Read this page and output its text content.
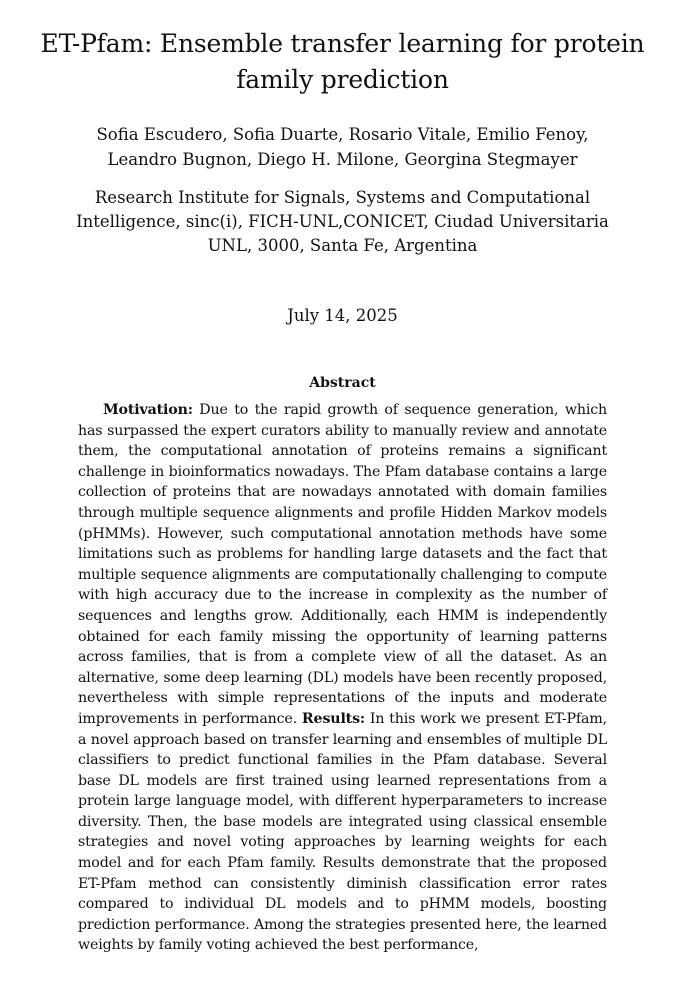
ET-Pfam: Ensemble transfer learning for protein
family prediction
Sofia Escudero, Sofia Duarte, Rosario Vitale, Emilio Fenoy,
Leandro Bugnon, Diego H. Milone, Georgina Stegmayer
Research Institute for Signals, Systems and Computational
Intelligence, sinc(i), FICH-UNL,CONICET, Ciudad Universitaria
UNL, 3000, Santa Fe, Argentina
July 14, 2025
Abstract

Motivation: Due to the rapid growth of sequence generation, which has surpassed the expert curators ability to manually review and annotate them, the computational annotation of proteins remains a significant challenge in bioinformatics nowadays. The Pfam database contains a large collection of proteins that are nowadays annotated with domain families through multiple sequence alignments and profile Hidden Markov models (pHMMs). However, such computational annotation methods have some limitations such as problems for handling large datasets and the fact that multiple sequence alignments are computationally challenging to compute with high accuracy due to the increase in complexity as the number of sequences and lengths grow. Additionally, each HMM is independently obtained for each family missing the opportunity of learning patterns across families, that is from a complete view of all the dataset. As an alternative, some deep learning (DL) models have been recently proposed, nevertheless with simple representations of the inputs and moderate improvements in performance. Results: In this work we present ET-Pfam, a novel approach based on transfer learning and ensembles of multiple DL classifiers to predict functional families in the Pfam database. Several base DL models are first trained using learned representations from a protein large language model, with different hyperparameters to increase diversity. Then, the base models are integrated using classical ensemble strategies and novel voting approaches by learning weights for each model and for each Pfam family. Results demonstrate that the proposed ET-Pfam method can consistently diminish classification error rates compared to individual DL models and to pHMM models, boosting prediction performance. Among the strategies presented here, the learned weights by family voting achieved the best performance,
